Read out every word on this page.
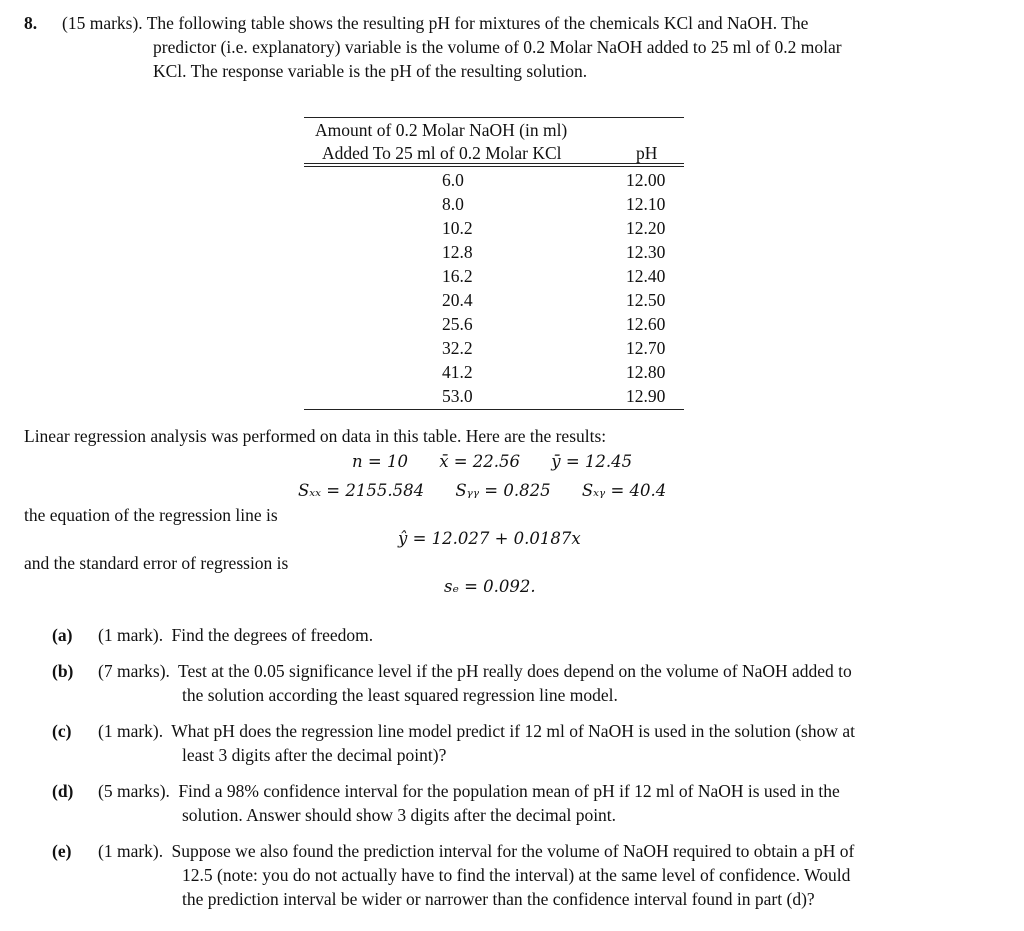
8. (15 marks). The following table shows the resulting pH for mixtures of the chemicals KCl and NaOH. The
predictor (i.e. explanatory) variable is the volume of 0.2 Molar NaOH added to 25 ml of 0.2 molar
KCl. The response variable is the pH of the resulting solution.
Amount of 0.2 Molar NaOH (in ml)
Added To 25 ml of 0.2 Molar KCl	pH
6.0	12.00
8.0	12.10
10.2	12.20
12.8	12.30
16.2	12.40
20.4	12.50
25.6	12.60
32.2	12.70
41.2	12.80
53.0	12.90
Linear regression analysis was performed on data in this table. Here are the results:
n = 10 x̄ = 22.56 ȳ = 12.45
Sₓₓ = 2155.584 Sᵧᵧ = 0.825 Sₓᵧ = 40.4
the equation of the regression line is
ŷ = 12.027 + 0.0187x
and the standard error of regression is
sₑ = 0.092.
(a) (1 mark). Find the degrees of freedom.
(b) (7 marks). Test at the 0.05 significance level if the pH really does depend on the volume of NaOH added to
the solution according the least squared regression line model.
(c) (1 mark). What pH does the regression line model predict if 12 ml of NaOH is used in the solution (show at
least 3 digits after the decimal point)?
(d) (5 marks). Find a 98% confidence interval for the population mean of pH if 12 ml of NaOH is used in the
solution. Answer should show 3 digits after the decimal point.
(e) (1 mark). Suppose we also found the prediction interval for the volume of NaOH required to obtain a pH of
12.5 (note: you do not actually have to find the interval) at the same level of confidence. Would
the prediction interval be wider or narrower than the confidence interval found in part (d)?
